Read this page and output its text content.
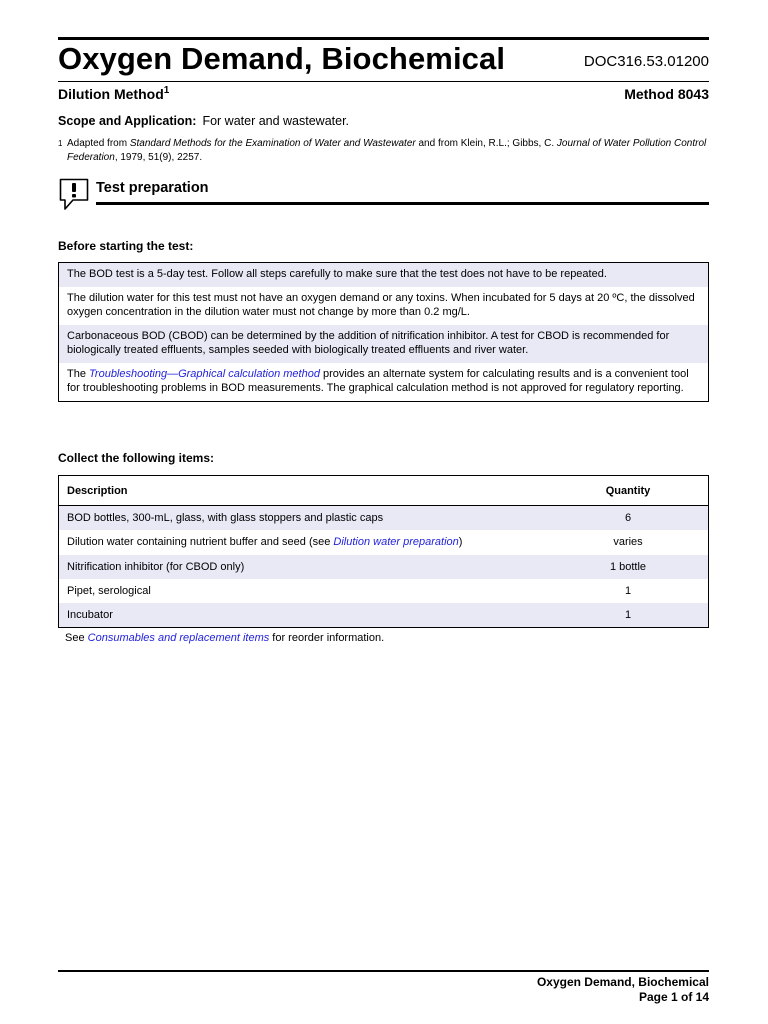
Oxygen Demand, Biochemical	DOC316.53.01200
Dilution Method$^1$	Method 8043
Scope and Application: For water and wastewater.
1 Adapted from Standard Methods for the Examination of Water and Wastewater and from Klein, R.L.; Gibbs, C. Journal of Water Pollution Control Federation, 1979, 51(9), 2257.
Test preparation
Before starting the test:
The BOD test is a 5-day test. Follow all steps carefully to make sure that the test does not have to be repeated.
The dilution water for this test must not have an oxygen demand or any toxins. When incubated for 5 days at 20 ºC, the dissolved oxygen concentration in the dilution water must not change by more than 0.2 mg/L.
Carbonaceous BOD (CBOD) can be determined by the addition of nitrification inhibitor. A test for CBOD is recommended for biologically treated effluents, samples seeded with biologically treated effluents and river water.
The Troubleshooting—Graphical calculation method provides an alternate system for calculating results and is a convenient tool for troubleshooting problems in BOD measurements. The graphical calculation method is not approved for regulatory reporting.
Collect the following items:
Description	Quantity
BOD bottles, 300-mL, glass, with glass stoppers and plastic caps	6
Dilution water containing nutrient buffer and seed (see Dilution water preparation)	varies
Nitrification inhibitor (for CBOD only)	1 bottle
Pipet, serological	1
Incubator	1
See Consumables and replacement items for reorder information.
Oxygen Demand, Biochemical
Page 1 of 14
